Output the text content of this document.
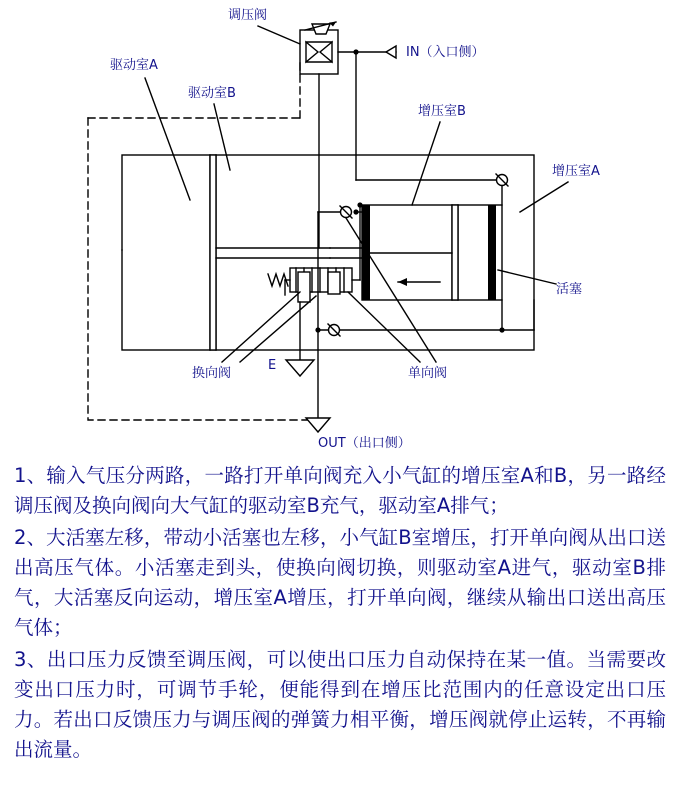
调压阀
IN（入口侧）
驱动室A
驱动室B
增压室B
增压室A
活塞
E
换向阀	单向阀
OUT（出口侧）

1、输入气压分两路，一路打开单向阀充入小气缸的增压室A和B，另一路经调压阀及换向阀向大气缸的驱动室B充气，驱动室A排气；

2、大活塞左移，带动小活塞也左移，小气缸B室增压，打开单向阀从出口送出高压气体。小活塞走到头，使换向阀切换，则驱动室A进气，驱动室B排气，大活塞反向运动，增压室A增压，打开单向阀，继续从输出口送出高压气体；

3、出口压力反馈至调压阀，可以使出口压力自动保持在某一值。当需要改变出口压力时，可调节手轮，便能得到在增压比范围内的任意设定出口压力。若出口反馈压力与调压阀的弹簧力相平衡，增压阀就停止运转，不再输出流量。
